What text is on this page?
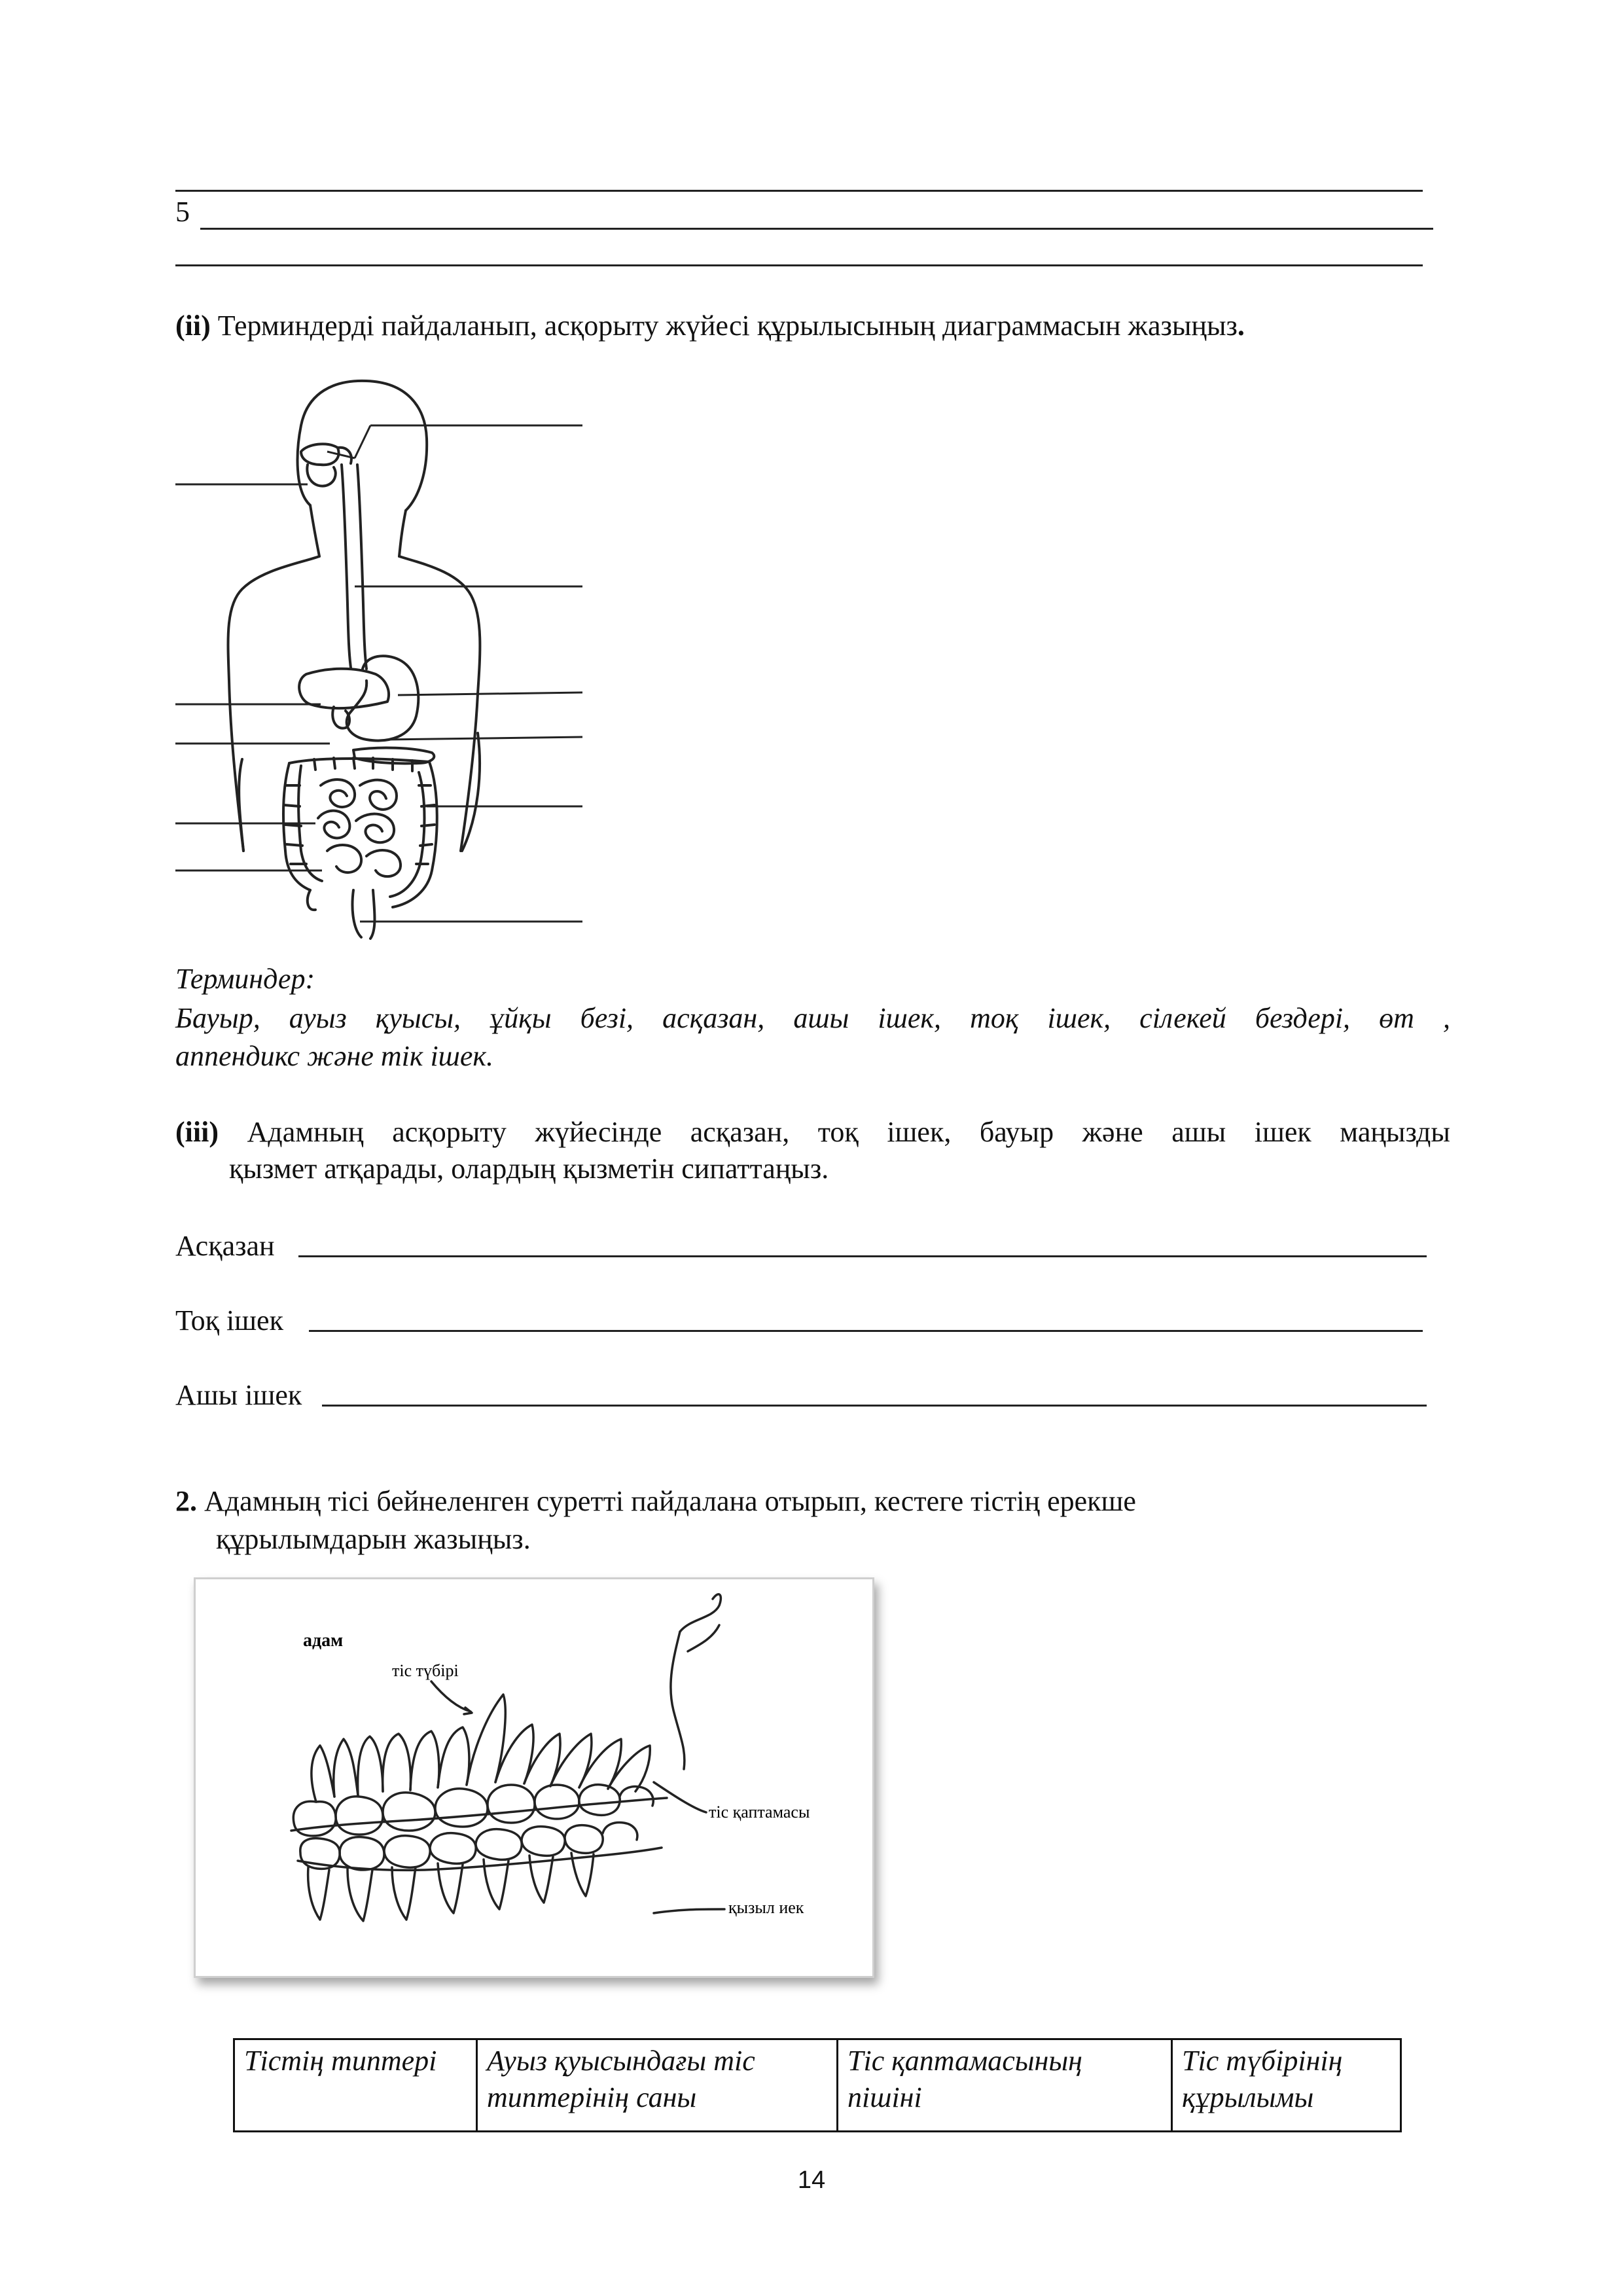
5
(ii) Терминдерді пайдаланып, асқорыту жүйесі құрылысының диаграммасын жазыңыз.
Терминдер:
Бауыр, ауыз қуысы, ұйқы безі, асқазан, ашы ішек, тоқ ішек, сілекей бездері, өт ,
аппендикс және тік ішек.
(iii) Адамның асқорыту жүйесінде асқазан, тоқ ішек, бауыр және ашы ішек маңызды
қызмет атқарады, олардың қызметін сипаттаңыз.
Асқазан
Тоқ ішек
Ашы ішек
2. Адамның тісі бейнеленген суретті пайдалана отырып, кестеге тістің ерекше
құрылымдарын жазыңыз.
адам
тіс түбірі
тіс қаптамасы
қызыл иек
Тістің типтері	Ауыз қуысындағы тіс типтерінің саны	Тіс қаптамасының пішіні	Тіс түбірінің құрылымы
14
